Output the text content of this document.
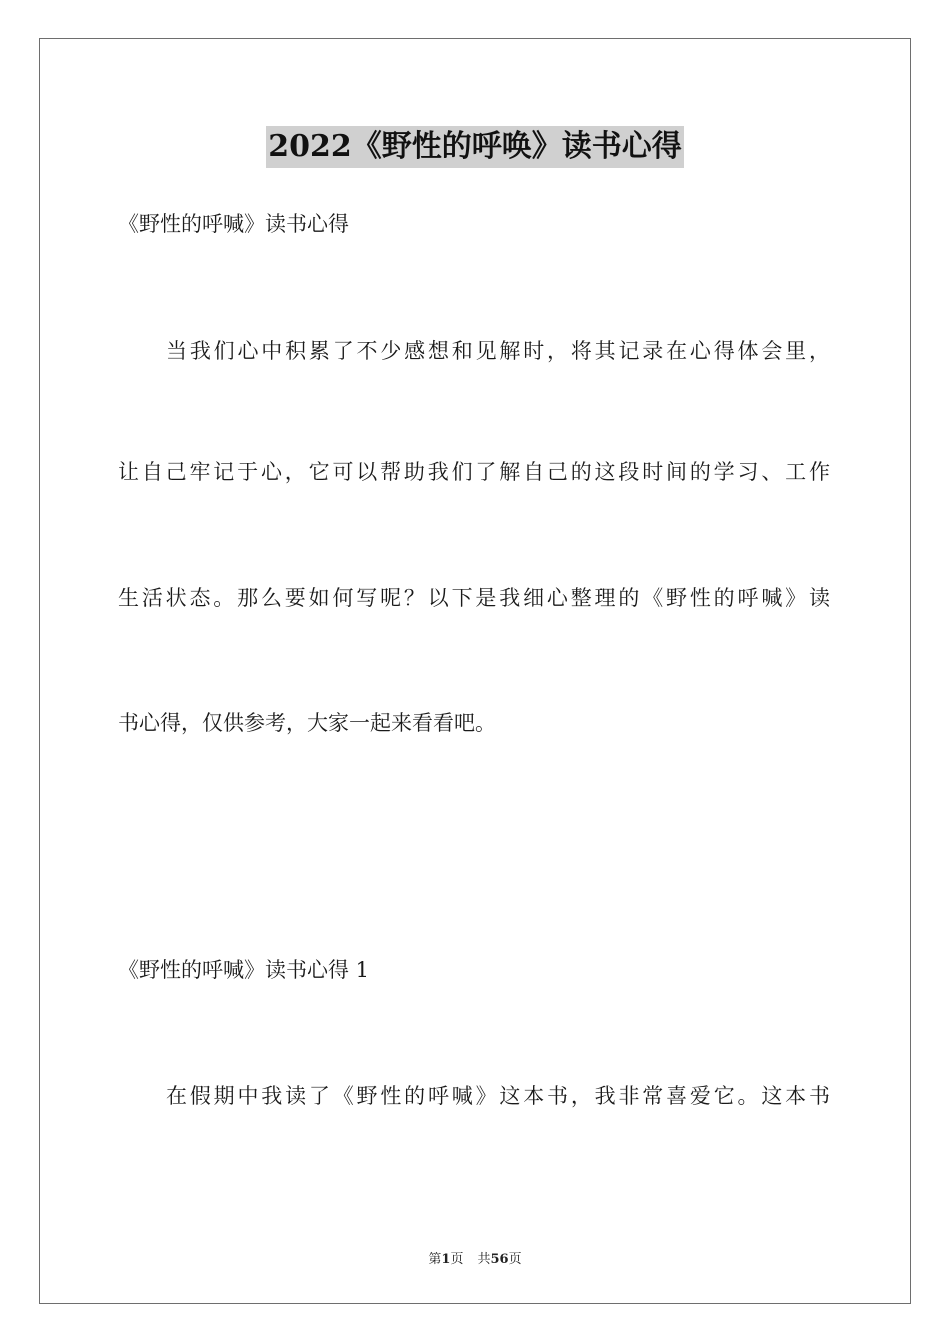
2022《野性的呼唤》读书心得
《野性的呼喊》读书心得
当我们心中积累了不少感想和见解时，将其记录在心得体会里，
让自己牢记于心，它可以帮助我们了解自己的这段时间的学习、工作
生活状态。那么要如何写呢？以下是我细心整理的《野性的呼喊》读
书心得，仅供参考，大家一起来看看吧。
《野性的呼喊》读书心得 1
在假期中我读了《野性的呼喊》这本书，我非常喜爱它。这本书
第1页 共56页
